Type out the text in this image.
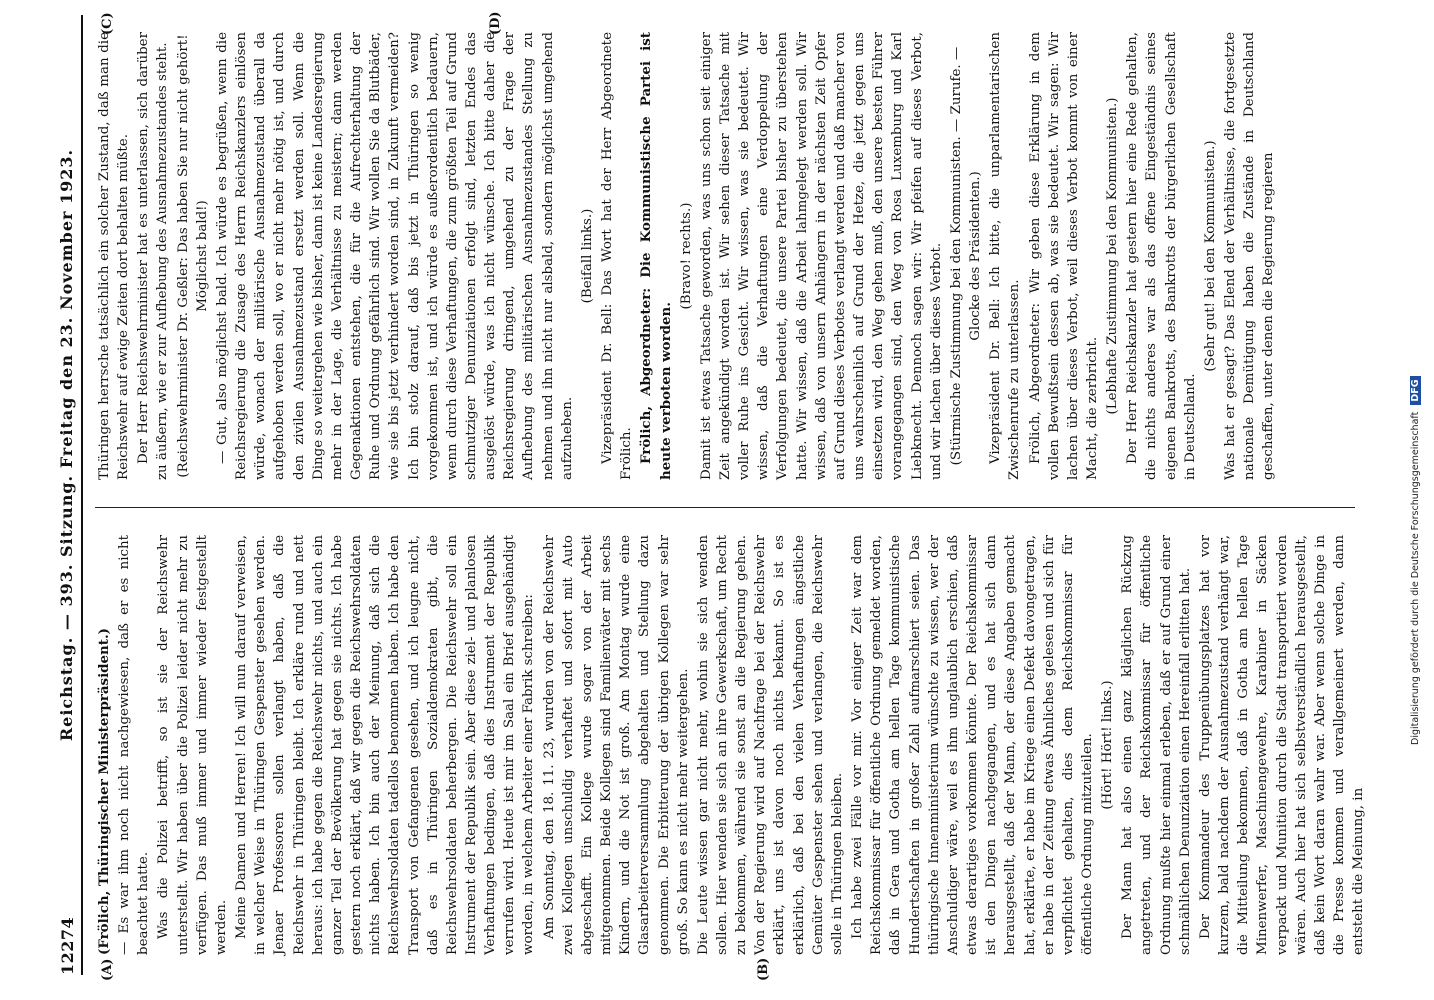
12274
Reichstag. — 393. Sitzung. Freitag den 23. November 1923.
(A)	(B)
(C)	(D)

(Frölich, Thüringischer Ministerpräsident.) — Es war ihm noch nicht nachgewiesen, daß er es nicht beachtet hatte. Was die Polizei betrifft, so ist sie der Reichswehr unterstellt. Wir haben über die Polizei leider nicht mehr zu verfügen. Das muß immer und immer wieder festgestellt werden. Meine Damen und Herren! Ich will nun darauf verweisen, in welcher Weise in Thüringen Gespenster gesehen werden. Jenaer Professoren sollen verlangt haben, daß die Reichswehr in Thüringen bleibt. Ich erkläre rund und nett heraus: ich habe gegen die Reichswehr nichts, und auch ein ganzer Teil der Bevölkerung hat gegen sie nichts. Ich habe gestern noch erklärt, daß wir gegen die Reichswehrsoldaten nichts haben. Ich bin auch der Meinung, daß sich die Reichswehrsoldaten tadellos benommen haben. Ich habe den Transport von Gefangenen gesehen, und ich leugne nicht, daß es in Thüringen Sozialdemokraten gibt, die Reichswehrsoldaten beherbergen. Die Reichswehr soll ein Instrument der Republik sein. Aber diese ziel- und planlosen Verhaftungen bedingen, daß dies Instrument der Republik verrufen wird. Heute ist mir im Saal ein Brief ausgehändigt worden, in welchem Arbeiter einer Fabrik schreiben: Am Sonntag, den 18. 11. 23, wurden von der Reichswehr zwei Kollegen unschuldig verhaftet und sofort mit Auto abgeschafft. Ein Kollege wurde sogar von der Arbeit mitgenommen. Beide Kollegen sind Familienväter mit sechs Kindern, und die Not ist groß. Am Montag wurde eine Glasarbeiterversammlung abgehalten und Stellung dazu genommen. Die Erbitterung der übrigen Kollegen war sehr groß. So kann es nicht mehr weitergehen. Die Leute wissen gar nicht mehr, wohin sie sich wenden sollen. Hier wenden sie sich an ihre Gewerkschaft, um Recht zu bekommen, während sie sonst an die Regierung gehen. Von der Regierung wird auf Nachfrage bei der Reichswehr erklärt, uns ist davon noch nichts bekannt. So ist es erklärlich, daß bei den vielen Verhaftungen ängstliche Gemüter Gespenster sehen und verlangen, die Reichswehr solle in Thüringen bleiben. Ich habe zwei Fälle vor mir. Vor einiger Zeit war dem Reichskommissar für öffentliche Ordnung gemeldet worden, daß in Gera und Gotha am hellen Tage kommunistische Hundertschaften in großer Zahl aufmarschiert seien. Das thüringische Innenministerium wünschte zu wissen, wer der Anschuldiger wäre, weil es ihm unglaublich erschien, daß etwas derartiges vorkommen könnte. Der Reichskommissar ist den Dingen nachgegangen, und es hat sich dann herausgestellt, daß der Mann, der diese Angaben gemacht hat, erklärte, er habe im Kriege einen Defekt davongetragen, er habe in der Zeitung etwas Ähnliches gelesen und sich für verpflichtet gehalten, dies dem Reichskommissar für öffentliche Ordnung mitzuteilen. (Hört! Hört! links.) Der Mann hat also einen ganz kläglichen Rückzug angetreten, und der Reichskommissar für öffentliche Ordnung mußte hier einmal erleben, daß er auf Grund einer schmählichen Denunziation einen Hereinfall erlitten hat. Der Kommandeur des Truppenübungsplatzes hat vor kurzem, bald nachdem der Ausnahmezustand verhängt war, die Mitteilung bekommen, daß in Gotha am hellen Tage Minenwerfer, Maschinengewehre, Karabiner in Säcken verpackt und Munition durch die Stadt transportiert worden wären. Auch hier hat sich selbstverständlich herausgestellt, daß kein Wort daran wahr war. Aber wenn solche Dinge in die Presse kommen und verallgemeinert werden, dann entsteht die Meinung, in

Thüringen herrsche tatsächlich ein solcher Zustand, daß man die Reichswehr auf ewige Zeiten dort behalten müßte. Der Herr Reichswehrminister hat es unterlassen, sich darüber zu äußern, wie er zur Aufhebung des Ausnahmezustandes steht. (Reichswehrminister Dr. Geßler: Das haben Sie nur nicht gehört! Möglichst bald!) — Gut, also möglichst bald. Ich würde es begrüßen, wenn die Reichsregierung die Zusage des Herrn Reichskanzlers einlösen würde, wonach der militärische Ausnahmezustand überall da aufgehoben werden soll, wo er nicht mehr nötig ist, und durch den zivilen Ausnahmezustand ersetzt werden soll. Wenn die Dinge so weitergehen wie bisher, dann ist keine Landesregierung mehr in der Lage, die Verhältnisse zu meistern; dann werden Gegenaktionen entstehen, die für die Aufrechterhaltung der Ruhe und Ordnung gefährlich sind. Wir wollen Sie da Blutbäder, wie sie bis jetzt verhindert worden sind, in Zukunft vermeiden? Ich bin stolz darauf, daß bis jetzt in Thüringen so wenig vorgekommen ist, und ich würde es außerordentlich bedauern, wenn durch diese Verhaftungen, die zum größten Teil auf Grund schmutziger Denunziationen erfolgt sind, letzten Endes das ausgelöst würde, was ich nicht wünsche. Ich bitte daher die Reichsregierung dringend, umgehend zu der Frage der Aufhebung des militärischen Ausnahmezustandes Stellung zu nehmen und ihn nicht nur alsbald, sondern möglichst umgehend aufzuheben.

(Beifall links.) Vizepräsident Dr. Bell: Das Wort hat der Herr Abgeordnete Frölich. Frölich, Abgeordneter: Die Kommunistische Partei ist heute verboten worden.

(Bravo! rechts.) Damit ist etwas Tatsache geworden, was uns schon seit einiger Zeit angekündigt worden ist. Wir sehen dieser Tatsache mit voller Ruhe ins Gesicht. Wir wissen, was sie bedeutet. Wir wissen, daß die Verhaftungen eine Verdoppelung der Verfolgungen bedeutet, die unsere Partei bisher zu überstehen hatte. Wir wissen, daß die Arbeit lahmgelegt werden soll. Wir wissen, daß von unsern Anhängern in der nächsten Zeit Opfer auf Grund dieses Verbotes verlangt werden und daß mancher von uns wahrscheinlich auf Grund der Hetze, die jetzt gegen uns einsetzen wird, den Weg gehen muß, den unsere besten Führer vorangegangen sind, den Weg von Rosa Luxemburg und Karl Liebknecht. Dennoch sagen wir: Wir pfeifen auf dieses Verbot, und wir lachen über dieses Verbot. (Stürmische Zustimmung bei den Kommunisten. — Zurufe. — Glocke des Präsidenten.) Vizepräsident Dr. Bell: Ich bitte, die unparlamentarischen Zwischenrufe zu unterlassen. Frölich, Abgeordneter: Wir geben diese Erklärung in dem vollen Bewußtsein dessen ab, was sie bedeutet. Wir sagen: Wir lachen über dieses Verbot, weil dieses Verbot kommt von einer Macht, die zerbricht. (Lebhafte Zustimmung bei den Kommunisten.) Der Herr Reichskanzler hat gestern hier eine Rede gehalten, die nichts anderes war als das offene Eingeständnis seines eigenen Bankrotts, des Bankrotts der bürgerlichen Gesellschaft in Deutschland.

(Sehr gut! bei den Kommunisten.) Was hat er gesagt? Das Elend der Verhältnisse, die fortgesetzte nationale Demütigung haben die Zustände in Deutschland geschaffen, unter denen die Regierung regieren

Digitalisierung gefördert durch die Deutsche Forschungsgemeinschaft DFG
